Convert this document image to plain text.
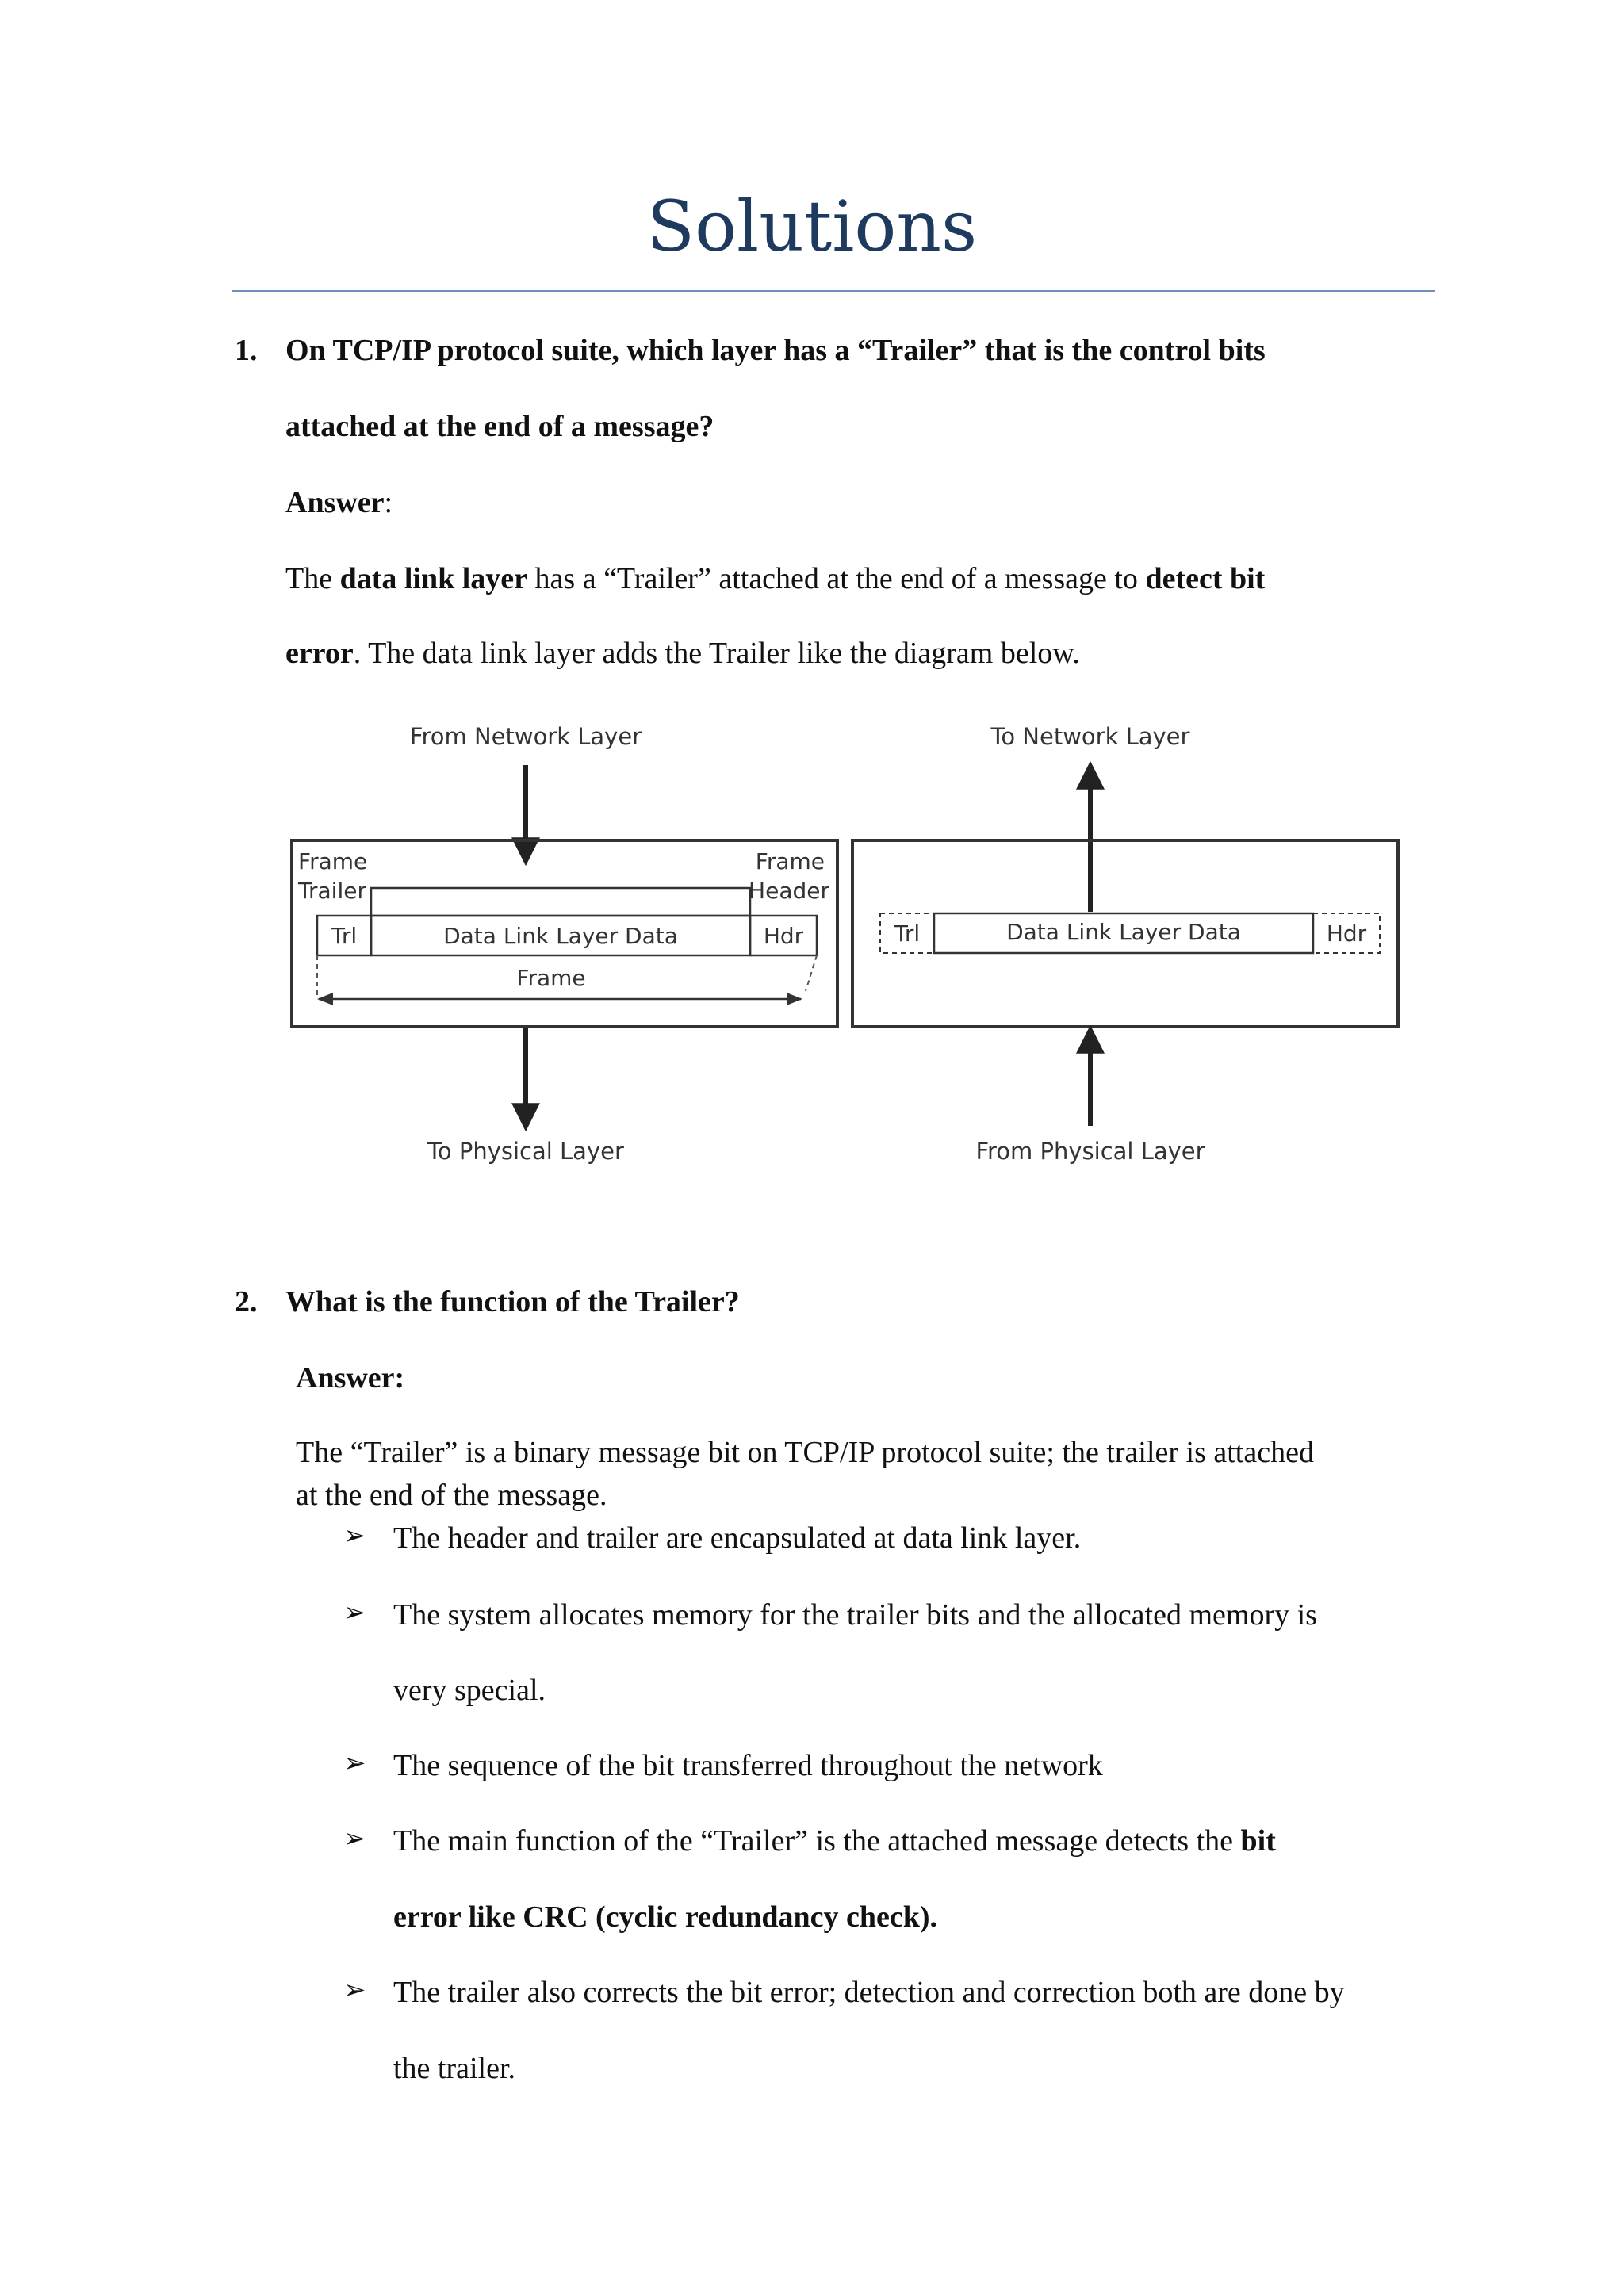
Solutions
1. On TCP/IP protocol suite, which layer has a “Trailer” that is the control bits
attached at the end of a message?
Answer:
The data link layer has a “Trailer” attached at the end of a message to detect bit
error. The data link layer adds the Trailer like the diagram below.
From Network Layer
Frame
Trailer
Frame
Header
Trl	Data Link Layer Data	Hdr
Frame
To Physical Layer
To Network Layer
Trl	Data Link Layer Data	Hdr
From Physical Layer
2. What is the function of the Trailer?
Answer:
The “Trailer” is a binary message bit on TCP/IP protocol suite; the trailer is attached
at the end of the message.
➢ The header and trailer are encapsulated at data link layer.
➢ The system allocates memory for the trailer bits and the allocated memory is
very special.
➢ The sequence of the bit transferred throughout the network
➢ The main function of the “Trailer” is the attached message detects the bit
error like CRC (cyclic redundancy check).
➢ The trailer also corrects the bit error; detection and correction both are done by
the trailer.
